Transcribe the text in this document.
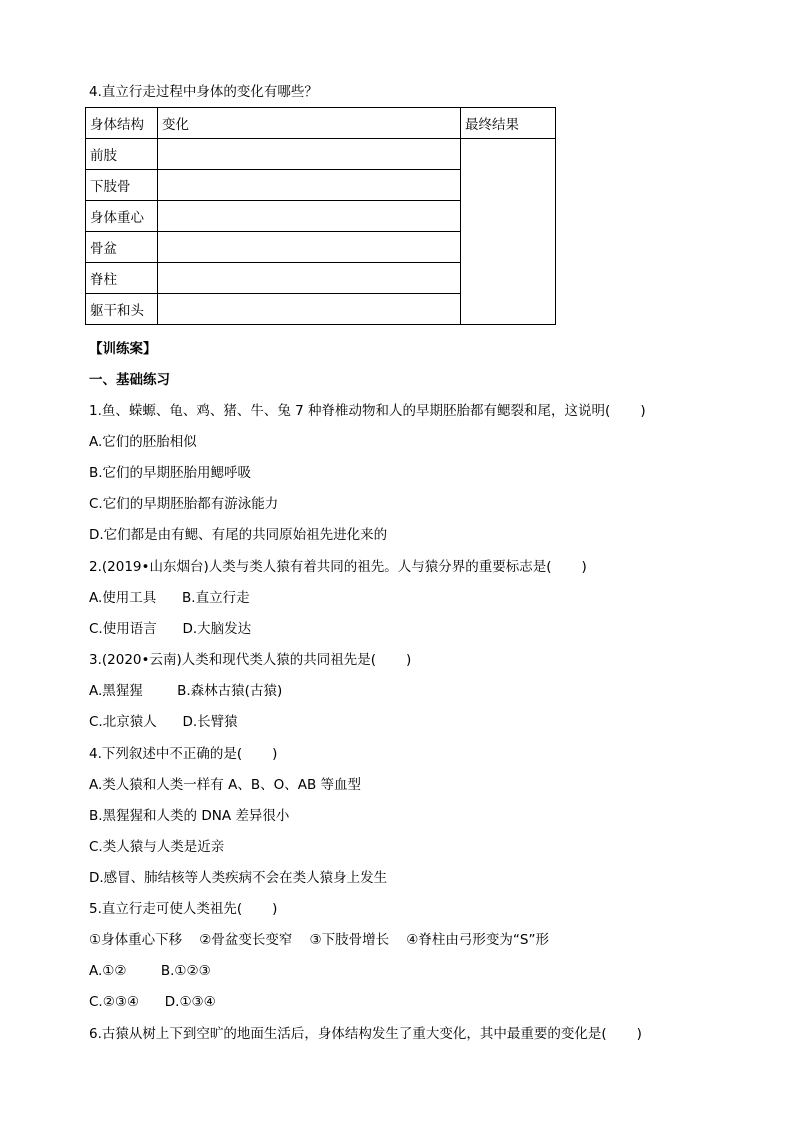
4.直立行走过程中身体的变化有哪些？
身体结构	变化	最终结果
前肢		
下肢骨		
身体重心		
骨盆		
脊柱		
躯干和头		
【训练案】
一、基础练习
1.鱼、蝾螈、龟、鸡、猪、牛、兔 7 种脊椎动物和人的早期胚胎都有鳃裂和尾，这说明(       )
A.它们的胚胎相似
B.它们的早期胚胎用鳃呼吸
C.它们的早期胚胎都有游泳能力
D.它们都是由有鳃、有尾的共同原始祖先进化来的
2.(2019•山东烟台)人类与类人猿有着共同的祖先。人与猿分界的重要标志是(       )
A.使用工具      B.直立行走
C.使用语言      D.大脑发达
3.(2020•云南)人类和现代类人猿的共同祖先是(       )
A.黑猩猩        B.森林古猿(古猿)
C.北京猿人      D.长臂猿
4.下列叙述中不正确的是(       )
A.类人猿和人类一样有 A、B、O、AB 等血型
B.黑猩猩和人类的 DNA 差异很小
C.类人猿与人类是近亲
D.感冒、肺结核等人类疾病不会在类人猿身上发生
5.直立行走可使人类祖先(       )
①身体重心下移    ②骨盆变长变窄    ③下肢骨增长    ④脊柱由弓形变为“S”形
A.①②        B.①②③
C.②③④      D.①③④
6.古猿从树上下到空旷的地面生活后，身体结构发生了重大变化，其中最重要的变化是(       )
